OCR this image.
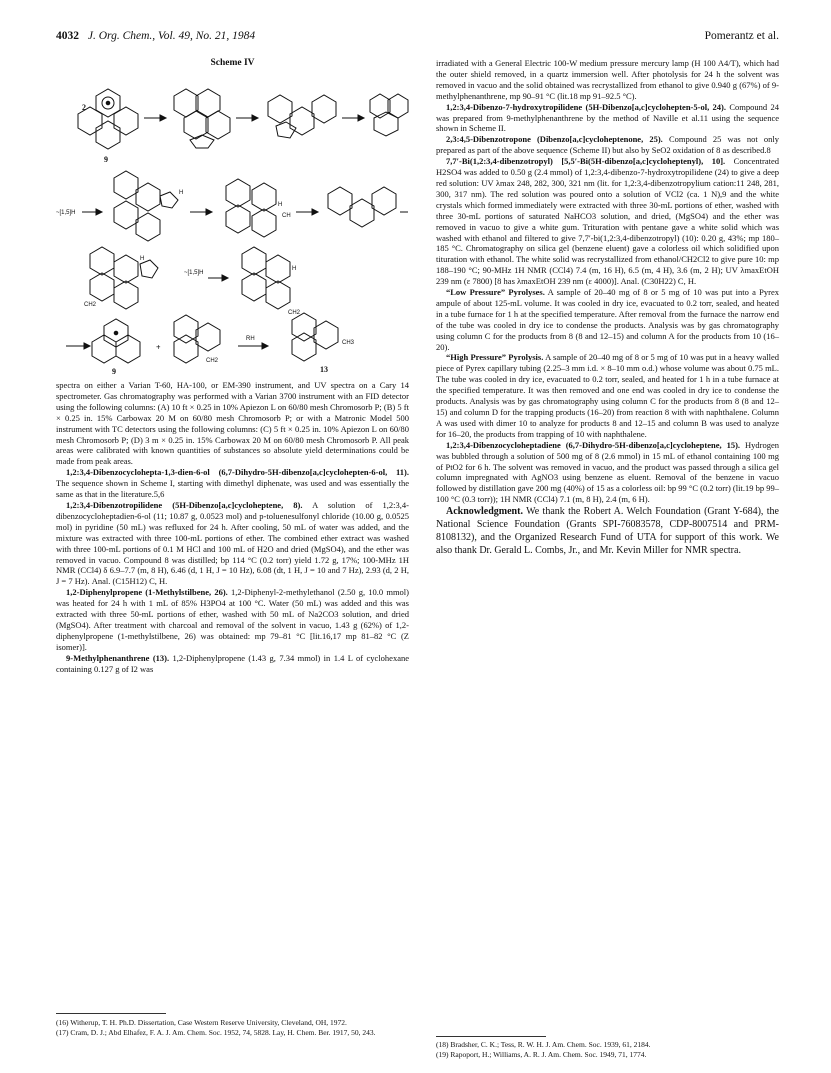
4032 J. Org. Chem., Vol. 49, No. 21, 1984	Pomerantz et al.
Scheme IV
2
9
~[1,5]H
H
H
CH
H
CH2
~[1,5]H
H
CH2
9
+
CH2
RH
CH3
13

spectra on either a Varian T-60, HA-100, or EM-390 instrument, and UV spectra on a Cary 14 spectrometer. Gas chromatography was performed with a Varian 3700 instrument with an FID detector using the following columns: (A) 10 ft × 0.25 in 10% Apiezon L on 60/80 mesh Chromosorb P; (B) 5 ft × 0.25 in. 15% Carbowax 20 M on 60/80 mesh Chromosorb P; or with a Matronic Model 500 instrument with TC detectors using the following columns: (C) 5 ft × 0.25 in. 10% Apiezon L on 60/80 mesh Chromosorb P; (D) 3 m × 0.25 in. 15% Carbowax 20 M on 60/80 mesh Chromosorb P. All peak areas were calibrated with known quantities of substances so absolute yield determinations could be made from peak areas.

1,2:3,4-Dibenzocyclohepta-1,3-dien-6-ol (6,7-Dihydro-5H-dibenzo[a,c]cyclohepten-6-ol, 11). The sequence shown in Scheme I, starting with dimethyl diphenate, was used and was essentially the same as that in the literature.5,6

1,2:3,4-Dibenzotropilidene (5H-Dibenzo[a,c]cycloheptene, 8). A solution of 1,2:3,4-dibenzocycloheptadien-6-ol (11; 10.87 g, 0.0523 mol) and p-toluenesulfonyl chloride (10.00 g, 0.0525 mol) in pyridine (50 mL) was refluxed for 24 h. After cooling, 50 mL of water was added, and the mixture was extracted with three 100-mL portions of ether. The combined ether extract was washed with three 100-mL portions of 0.1 M HCl and 100 mL of H2O and dried (MgSO4), and the ether was removed in vacuo. Compound 8 was distilled; bp 114 °C (0.2 torr) yield 1.72 g, 17%; 100-MHz 1H NMR (CCl4) δ 6.9–7.7 (m, 8 H), 6.46 (d, 1 H, J = 10 Hz), 6.08 (dt, 1 H, J = 10 and 7 Hz), 2.93 (d, 2 H, J = 7 Hz). Anal. (C15H12) C, H.

1,2-Diphenylpropene (1-Methylstilbene, 26). 1,2-Diphenyl-2-methylethanol (2.50 g, 10.0 mmol) was heated for 24 h with 1 mL of 85% H3PO4 at 100 °C. Water (50 mL) was added and this was extracted with three 50-mL portions of ether, washed with 50 mL of Na2CO3 solution, and dried (MgSO4). After treatment with charcoal and removal of the solvent in vacuo, 1.43 g (62%) of 1,2-diphenylpropene (1-methylstilbene, 26) was obtained: mp 79–81 °C [lit.16,17 mp 81–82 °C (Z isomer)].

9-Methylphenanthrene (13). 1,2-Diphenylpropene (1.43 g, 7.34 mmol) in 1.4 L of cyclohexane containing 0.127 g of I2 was

irradiated with a General Electric 100-W medium pressure mercury lamp (H 100 A4/T), which had the outer shield removed, in a quartz immersion well. After photolysis for 24 h the solvent was removed in vacuo and the solid obtained was recrystallized from ethanol to give 0.940 g (67%) of 9-methylphenanthrene, mp 90–91 °C (lit.18 mp 91–92.5 °C).

1,2:3,4-Dibenzo-7-hydroxytropilidene (5H-Dibenzo[a,c]cyclohepten-5-ol, 24). Compound 24 was prepared from 9-methylphenanthrene by the method of Naville et al.11 using the sequence shown in Scheme II.

2,3:4,5-Dibenzotropone (Dibenzo[a,c]cycloheptenone, 25). Compound 25 was not only prepared as part of the above sequence (Scheme II) but also by SeO2 oxidation of 8 as described.8

7,7′-Bi(1,2:3,4-dibenzotropyl) [5,5′-Bi(5H-dibenzo[a,c]cycloheptenyl), 10]. Concentrated H2SO4 was added to 0.50 g (2.4 mmol) of 1,2:3,4-dibenzo-7-hydroxytropilidene (24) to give a deep red solution: UV λmax 248, 282, 300, 321 nm (lit. for 1,2:3,4-dibenzotropylium cation:11 248, 281, 300, 317 nm). The red solution was poured onto a solution of VCl2 (ca. 1 N),9 and the white crystals which formed immediately were extracted with three 30-mL portions of ether, washed with three 30-mL portions of saturated NaHCO3 solution, and dried, (MgSO4) and the ether was removed in vacuo to give a white gum. Trituration with pentane gave a white solid which was washed with ethanol and filtered to give 7,7′-bi(1,2:3,4-dibenzotropyl) (10): 0.20 g, 43%; mp 180–185 °C. Chromatography on silica gel (benzene eluent) gave a colorless oil which solidified upon tituration with ethanol. The white solid was recrystallized from ethanol/CH2Cl2 to give pure 10: mp 188–190 °C; 90-MHz 1H NMR (CCl4) 7.4 (m, 16 H), 6.5 (m, 4 H), 3.6 (m, 2 H); UV λmaxEtOH 239 nm (ε 7800) [8 has λmaxEtOH 239 nm (ε 4000)]. Anal. (C30H22) C, H.

“Low Pressure” Pyrolyses. A sample of 20–40 mg of 8 or 5 mg of 10 was put into a Pyrex ampule of about 125-mL volume. It was cooled in dry ice, evacuated to 0.2 torr, sealed, and heated in a tube furnace for 1 h at the specified temperature. After removal from the furnace the narrow end of the tube was cooled in dry ice to condense the products. Analysis was by gas chromatography using column C for the products from 8 (8 and 12–15) and column A for the products from 10 (16–20).

“High Pressure” Pyrolysis. A sample of 20–40 mg of 8 or 5 mg of 10 was put in a heavy walled piece of Pyrex capillary tubing (2.25–3 mm i.d. × 8–10 mm o.d.) whose volume was about 0.75 mL. The tube was cooled in dry ice, evacuated to 0.2 torr, sealed, and heated for 1 h in a tube furnace at the specified temperature. It was then removed and one end was cooled in dry ice to condense the products. Analysis was by gas chromatography using column C for the products from 8 (8 and 12–15) and column D for the trapping products (16–20) from reaction 8 with with naphthalene. Column A was used with dimer 10 to analyze for products 8 and 12–15 and column B was used to analyze for 16–20, the products from trapping of 10 with naphthalene.

1,2:3,4-Dibenzocycloheptadiene (6,7-Dihydro-5H-dibenzo[a,c]cycloheptene, 15). Hydrogen was bubbled through a solution of 500 mg of 8 (2.6 mmol) in 15 mL of ethanol containing 100 mg of PtO2 for 6 h. The solvent was removed in vacuo, and the product was passed through a silica gel column impregnated with AgNO3 using benzene as eluent. Removal of the benzene in vacuo followed by distillation gave 200 mg (40%) of 15 as a colorless oil: bp 99 °C (0.2 torr) (lit.19 bp 99–100 °C (0.3 torr)); 1H NMR (CCl4) 7.1 (m, 8 H), 2.4 (m, 6 H).

Acknowledgment. We thank the Robert A. Welch Foundation (Grant Y-684), the National Science Foundation (Grants SPI-76083578, CDP-8007514 and PRM-8108132), and the Organized Research Fund of UTA for support of this work. We also thank Dr. Gerald L. Combs, Jr., and Mr. Kevin Miller for NMR spectra.

(16) Witherup, T. H. Ph.D. Dissertation, Case Western Reserve University, Cleveland, OH, 1972.
(17) Cram, D. J.; Abd Elhafez, F. A. J. Am. Chem. Soc. 1952, 74, 5828. Lay, H. Chem. Ber. 1917, 50, 243.
(18) Bradsher, C. K.; Tess, R. W. H. J. Am. Chem. Soc. 1939, 61, 2184.
(19) Rapoport, H.; Williams, A. R. J. Am. Chem. Soc. 1949, 71, 1774.
